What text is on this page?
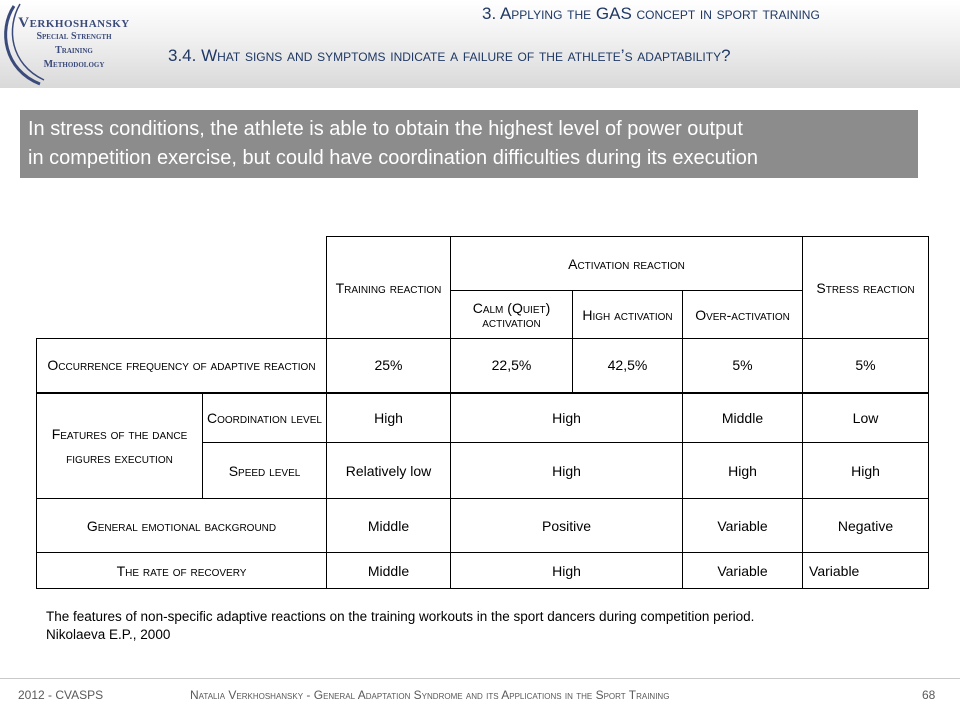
Verkhoshansky
Special Strength Training
Methodology
3. Applying the GAS concept in sport training
3.4. What signs and symptoms indicate a failure of the athlete’s adaptability?
In stress conditions, the athlete is able to obtain the highest level of power output
in competition exercise, but could have coordination difficulties during its execution
		Training reaction	Activation reaction			Stress reaction
			Calm (Quiet) activation	High activation	Over-activation	
Occurrence frequency of adaptive reaction		25%	22,5%	42,5%	5%	5%
Features of the dance figures execution	Coordination level	High	High		Middle	Low
	Speed level	Relatively low	High		High	High
General emotional background		Middle	Positive		Variable	Negative
The rate of recovery		Middle	High		Variable	Variable
The features of non-specific adaptive reactions on the training workouts in the sport dancers during competition period.
Nikolaeva E.P., 2000
2012 - CVASPS	Natalia Verkhoshansky - General Adaptation Syndrome and its Applications in the Sport Training	68
